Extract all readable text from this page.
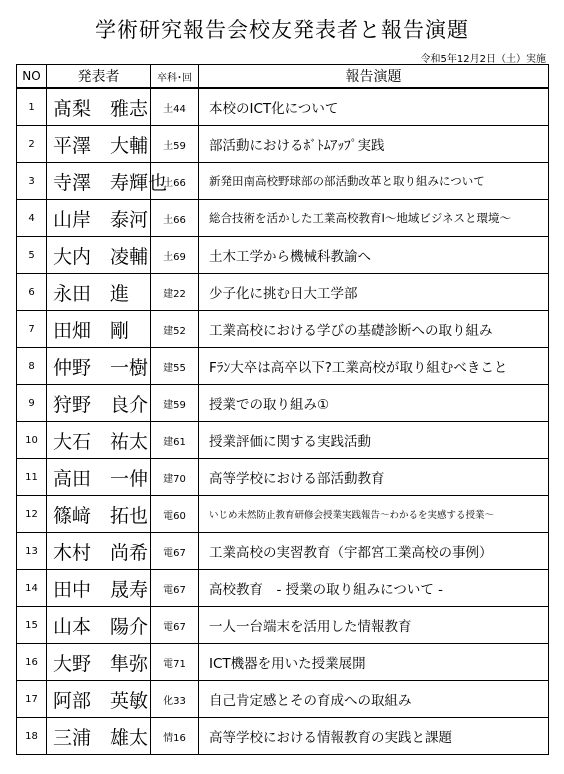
学術研究報告会校友発表者と報告演題
令和5年12月2日（土）実施
NO	発表者	卒科･回	報告演題
1	髙梨　雅志	土44	本校のICT化について
2	平澤　大輔	土59	部活動におけるﾎﾞﾄﾑｱｯﾌﾟ実践
3	寺澤　寿輝也	土66	新発田南高校野球部の部活動改革と取り組みについて
4	山岸　泰河	土66	総合技術を活かした工業高校教育Ⅰ～地域ビジネスと環境～
5	大内　凌輔	土69	土木工学から機械科教諭へ
6	永田　進	建22	少子化に挑む日大工学部
7	田畑　剛	建52	工業高校における学びの基礎診断への取り組み
8	仲野　一樹	建55	Fﾗﾝ大卒は高卒以下?工業高校が取り組むべきこと
9	狩野　良介	建59	授業での取り組み①
10	大石　祐太	建61	授業評価に関する実践活動
11	高田　一伸	建70	高等学校における部活動教育
12	篠﨑　拓也	電60	いじめ未然防止教育研修会授業実践報告～わかるを実感する授業～
13	木村　尚希	電67	工業高校の実習教育（宇都宮工業高校の事例）
14	田中　晟寿	電67	高校教育　- 授業の取り組みについて -
15	山本　陽介	電67	一人一台端末を活用した情報教育
16	大野　隼弥	電71	ICT機器を用いた授業展開
17	阿部　英敏	化33	自己肯定感とその育成への取組み
18	三浦　雄太	情16	高等学校における情報教育の実践と課題
